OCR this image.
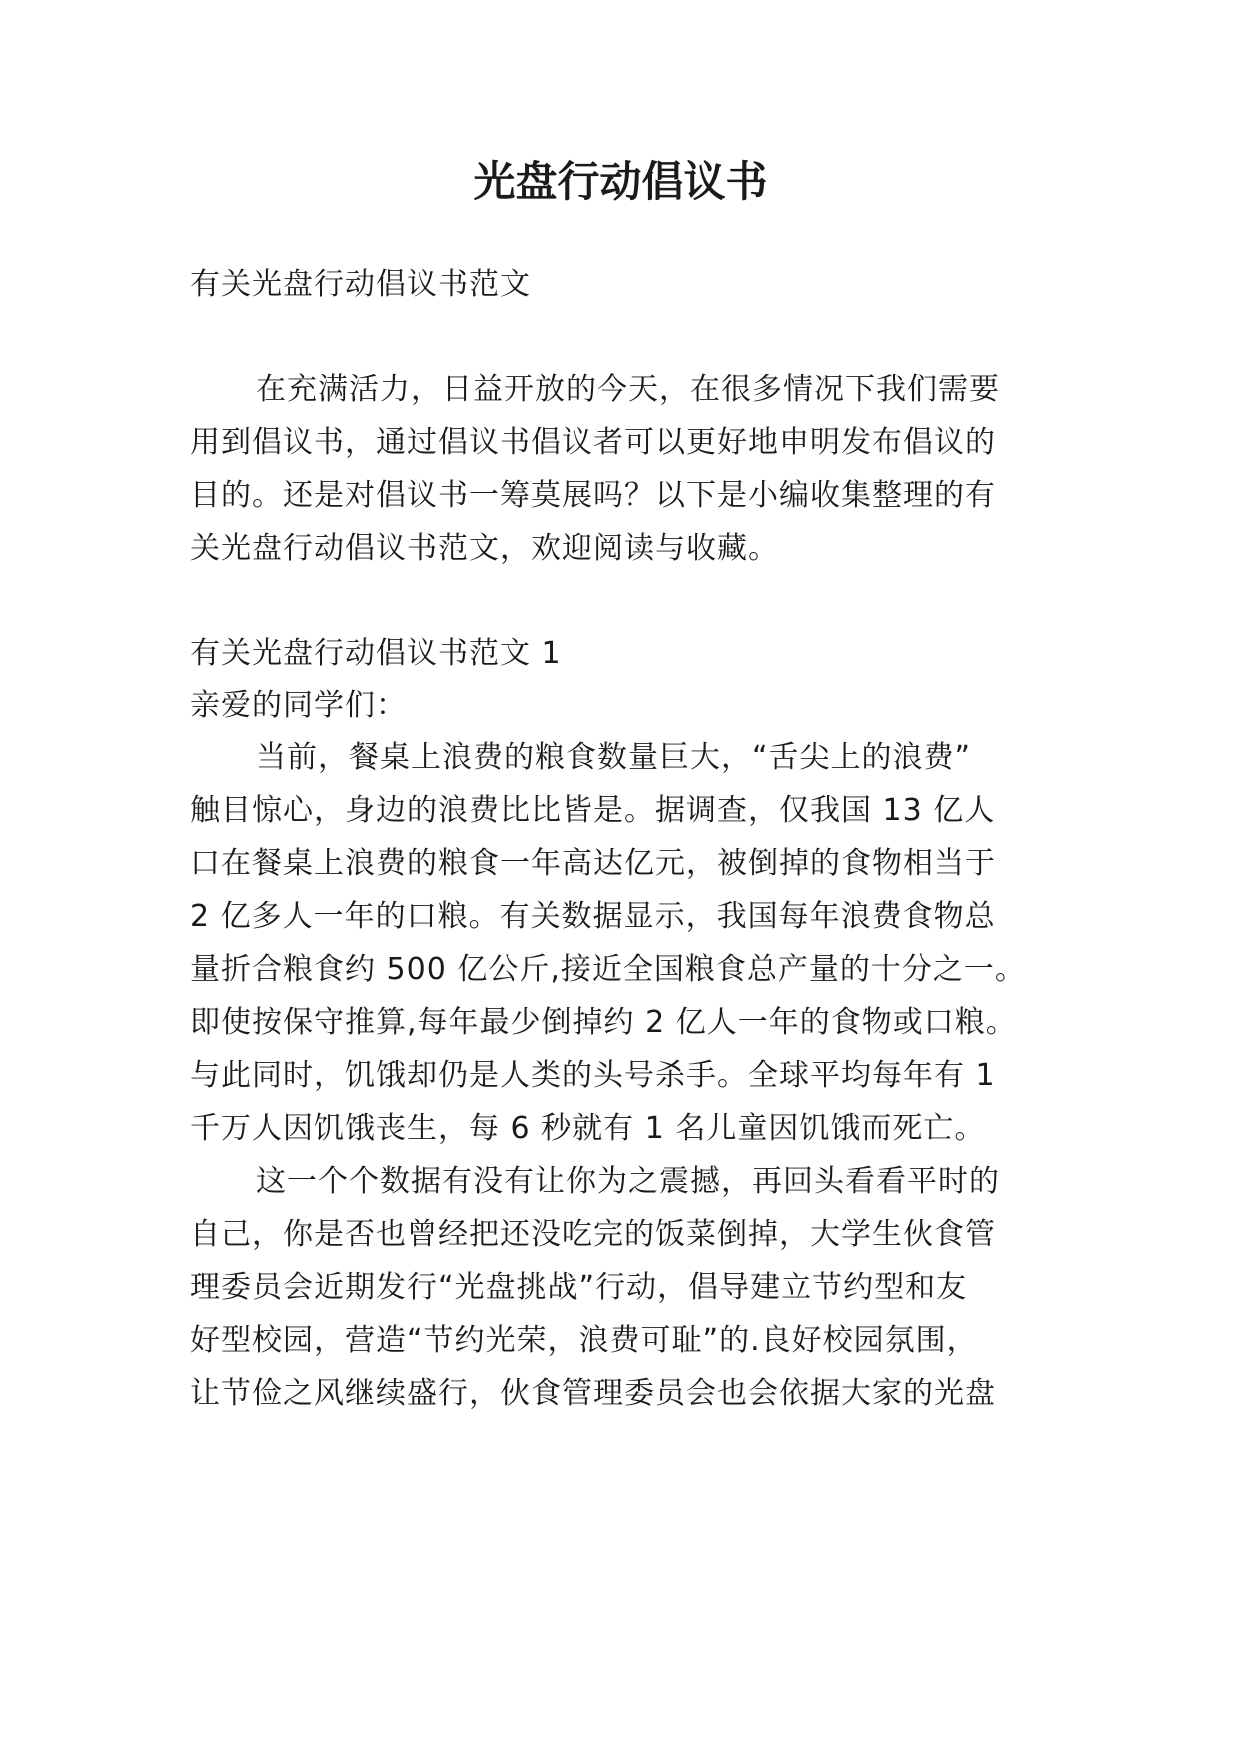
光盘行动倡议书
有关光盘行动倡议书范文
在充满活力，日益开放的今天，在很多情况下我们需要
用到倡议书，通过倡议书倡议者可以更好地申明发布倡议的
目的。还是对倡议书一筹莫展吗？以下是小编收集整理的有
关光盘行动倡议书范文，欢迎阅读与收藏。
有关光盘行动倡议书范文 1
亲爱的同学们：
当前，餐桌上浪费的粮食数量巨大，“舌尖上的浪费”
触目惊心，身边的浪费比比皆是。据调查，仅我国 13 亿人
口在餐桌上浪费的粮食一年高达亿元，被倒掉的食物相当于
2 亿多人一年的口粮。有关数据显示，我国每年浪费食物总
量折合粮食约 500 亿公斤,接近全国粮食总产量的十分之一。
即使按保守推算,每年最少倒掉约 2 亿人一年的食物或口粮。
与此同时，饥饿却仍是人类的头号杀手。全球平均每年有 1
千万人因饥饿丧生，每 6 秒就有 1 名儿童因饥饿而死亡。
这一个个数据有没有让你为之震撼，再回头看看平时的
自己，你是否也曾经把还没吃完的饭菜倒掉，大学生伙食管
理委员会近期发行“光盘挑战”行动，倡导建立节约型和友
好型校园，营造“节约光荣，浪费可耻”的.良好校园氛围，
让节俭之风继续盛行，伙食管理委员会也会依据大家的光盘
